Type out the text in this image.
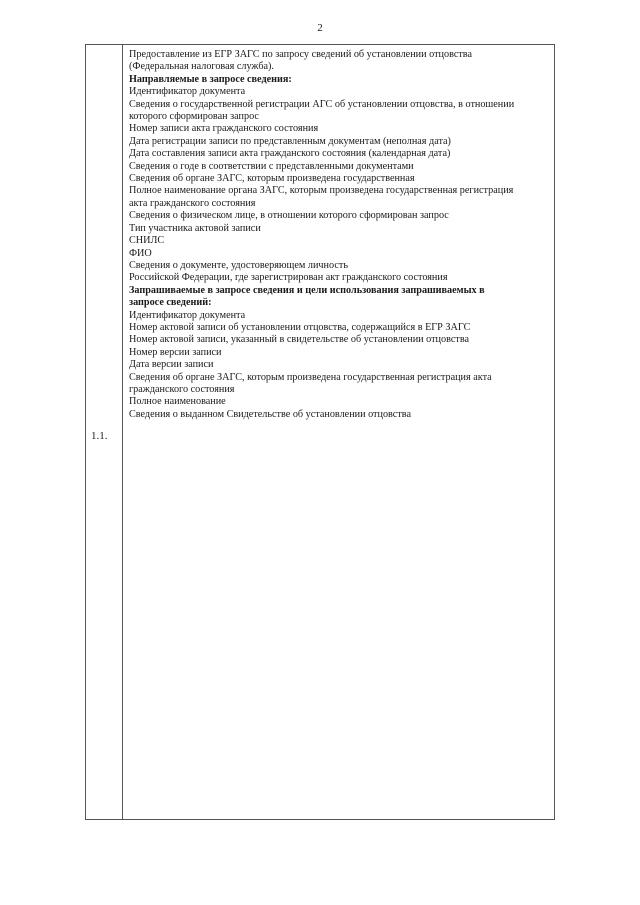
2
1.1.
Предоставление из ЕГР ЗАГС по запросу сведений об установлении отцовства
(Федеральная налоговая служба).
Направляемые в запросе сведения:
Идентификатор документа
Сведения о государственной регистрации АГС об установлении отцовства, в отношении
которого сформирован запрос
Номер записи акта гражданского состояния
Дата регистрации записи по представленным документам (неполная дата)
Дата составления записи акта гражданского состояния (календарная дата)
Сведения о годе в соответствии с представленными документами
Сведения об органе ЗАГС, которым произведена государственная
Полное наименование органа ЗАГС, которым произведена государственная регистрация
акта гражданского состояния
Сведения о физическом лице, в отношении которого сформирован запрос
Тип участника актовой записи
СНИЛС
ФИО
Сведения о документе, удостоверяющем личность
Российской Федерации, где зарегистрирован акт гражданского состояния
Запрашиваемые в запросе сведения и цели использования запрашиваемых в
запросе сведений:
Идентификатор документа
Номер актовой записи об установлении отцовства, содержащийся в ЕГР ЗАГС
Номер актовой записи, указанный в свидетельстве об установлении отцовства
Номер версии записи
Дата версии записи
Сведения об органе ЗАГС, которым произведена государственная регистрация акта
гражданского состояния
Полное наименование
Сведения о выданном Свидетельстве об установлении отцовства
